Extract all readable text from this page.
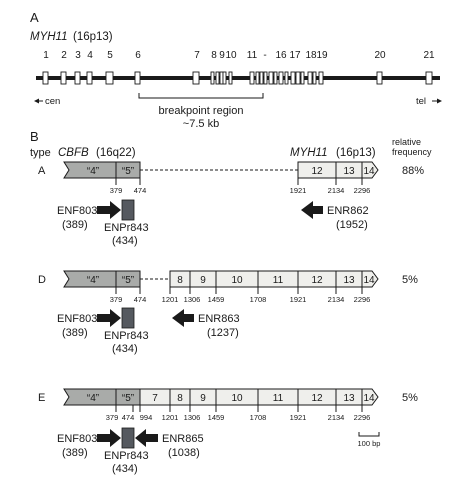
A
MYH11 (16p13)
1 2 3 4 5 6	7 8 9 10 11 - 16 17 18 19	20	21
cen	tel
breakpoint region
~7.5 kb
B
type CBFB (16q22)	MYH11 (16p13)
relative
frequency
A	“4” “5”	12 13 14 88%
379 474	1921	2134 2296
ENF803
(389) ENPr843
(434)
ENR862
(1952)
D	“4” “5”	8 9	10	11	12 13 14 5%
379 474 1201 1306 1459	1708	1921	2134 2296
ENF803
(389) ENPr843
(434)
ENR863
(1237)
E	“4” “5” 7 8 9	10	11	12 13 14 5%
379 474 994 1201 1306 1459	1708	1921	2134 2296
ENF803
(389) ENPr843
(434)
ENR865
(1038)
100 bp
